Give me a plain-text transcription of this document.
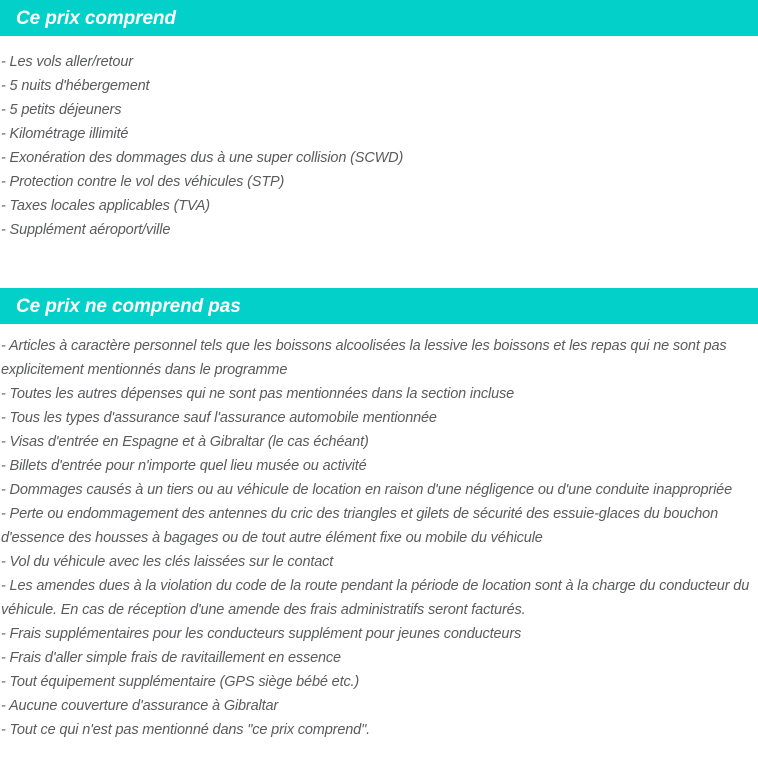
Ce prix comprend
- Les vols aller/retour
- 5 nuits d'hébergement
- 5 petits déjeuners
- Kilométrage illimité
- Exonération des dommages dus à une super collision (SCWD)
- Protection contre le vol des véhicules (STP)
- Taxes locales applicables (TVA)
- Supplément aéroport/ville
Ce prix ne comprend pas
- Articles à caractère personnel tels que les boissons alcoolisées la lessive les boissons et les repas qui ne sont pas explicitement mentionnés dans le programme
- Toutes les autres dépenses qui ne sont pas mentionnées dans la section incluse
- Tous les types d'assurance sauf l'assurance automobile mentionnée
- Visas d'entrée en Espagne et à Gibraltar (le cas échéant)
- Billets d'entrée pour n'importe quel lieu musée ou activité
- Dommages causés à un tiers ou au véhicule de location en raison d'une négligence ou d'une conduite inappropriée
- Perte ou endommagement des antennes du cric des triangles et gilets de sécurité des essuie-glaces du bouchon d'essence des housses à bagages ou de tout autre élément fixe ou mobile du véhicule
- Vol du véhicule avec les clés laissées sur le contact
- Les amendes dues à la violation du code de la route pendant la période de location sont à la charge du conducteur du véhicule. En cas de réception d'une amende des frais administratifs seront facturés.
- Frais supplémentaires pour les conducteurs supplément pour jeunes conducteurs
- Frais d'aller simple frais de ravitaillement en essence
- Tout équipement supplémentaire (GPS siège bébé etc.)
- Aucune couverture d'assurance à Gibraltar
- Tout ce qui n'est pas mentionné dans "ce prix comprend".
